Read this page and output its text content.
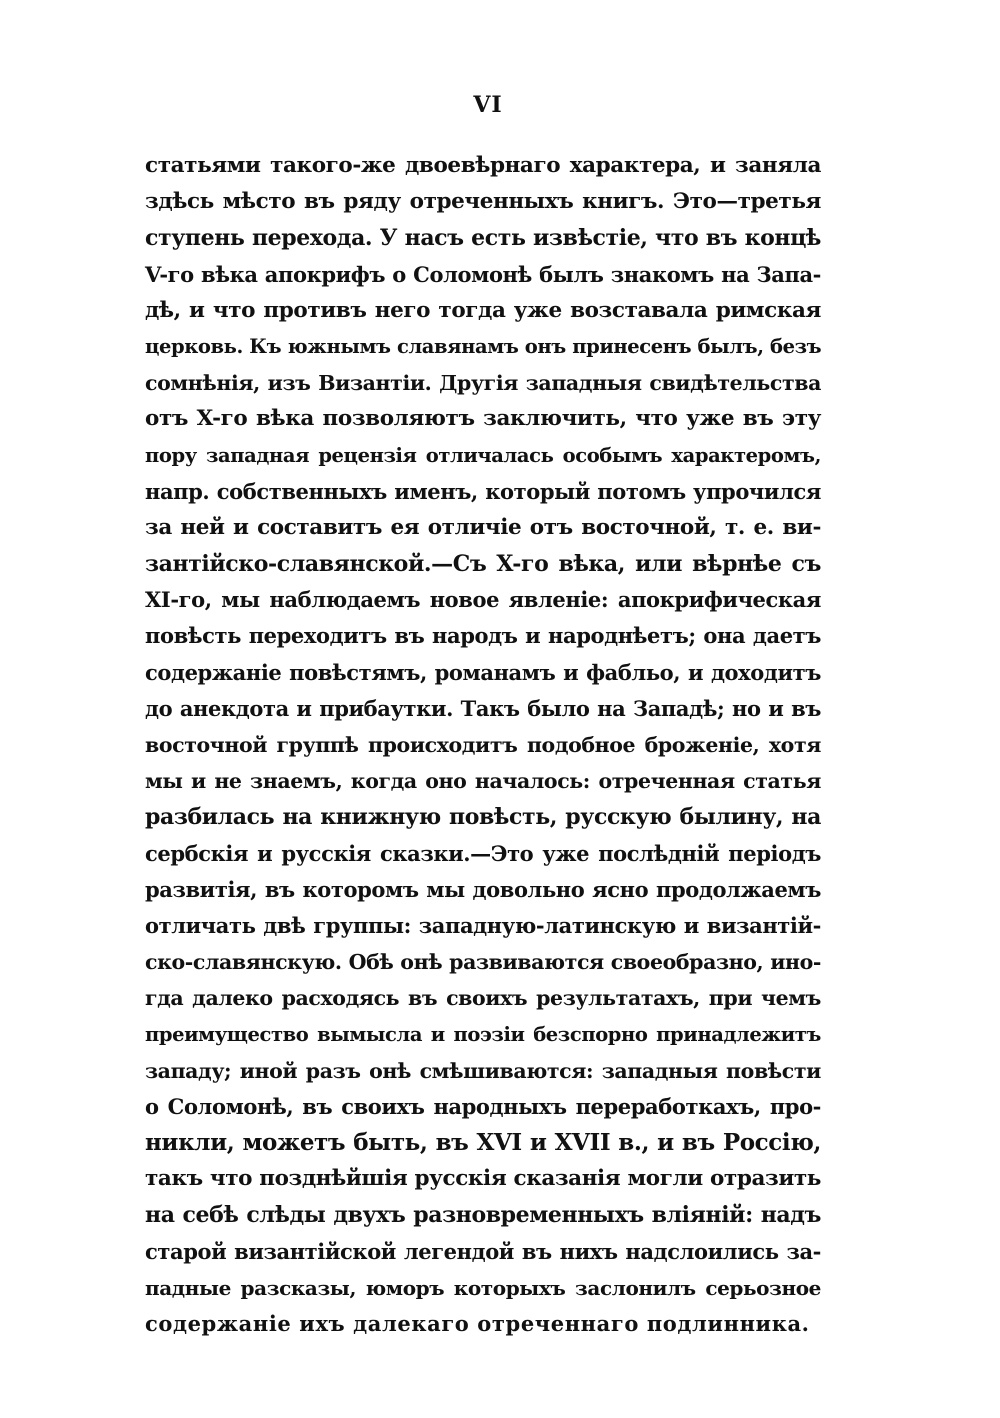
VI
статьями такого-же двоевѣрнаго характера, и заняла
здѣсь мѣсто въ ряду отреченныхъ книгъ. Это—третья
ступень перехода. У насъ есть извѣстіе, что въ концѣ
V-го вѣка апокрифъ о Соломонѣ былъ знакомъ на Запа-
дѣ, и что противъ него тогда уже возставала римская
церковь. Къ южнымъ славянамъ онъ принесенъ былъ, безъ
сомнѣнія, изъ Византіи. Другія западныя свидѣтельства
отъ X-го вѣка позволяютъ заключить, что уже въ эту
пору западная рецензія отличалась особымъ характеромъ,
напр. собственныхъ именъ, который потомъ упрочился
за ней и составитъ ея отличіе отъ восточной, т. е. ви-
зантійско-славянской.—Съ X-го вѣка, или вѣрнѣе съ
XI-го, мы наблюдаемъ новое явленіе: апокрифическая
повѣсть переходитъ въ народъ и народнѣетъ; она даетъ
содержаніе повѣстямъ, романамъ и фабльо, и доходитъ
до анекдота и прибаутки. Такъ было на Западѣ; но и въ
восточной группѣ происходитъ подобное броженіе, хотя
мы и не знаемъ, когда оно началось: отреченная статья
разбилась на книжную повѣсть, русскую былину, на
сербскія и русскія сказки.—Это уже послѣдній періодъ
развитія, въ которомъ мы довольно ясно продолжаемъ
отличать двѣ группы: западную-латинскую и византій-
ско-славянскую. Обѣ онѣ развиваются своеобразно, ино-
гда далеко расходясь въ своихъ результатахъ, при чемъ
преимущество вымысла и поэзіи безспорно принадлежитъ
западу; иной разъ онѣ смѣшиваются: западныя повѣсти
о Соломонѣ, въ своихъ народныхъ переработкахъ, про-
никли, можетъ быть, въ XVI и XVII в., и въ Россію,
такъ что позднѣйшія русскія сказанія могли отразить
на себѣ слѣды двухъ разновременныхъ вліяній: надъ
старой византійской легендой въ нихъ надслоились за-
падные разсказы, юморъ которыхъ заслонилъ серьозное
содержаніе ихъ далекаго отреченнаго подлинника.
